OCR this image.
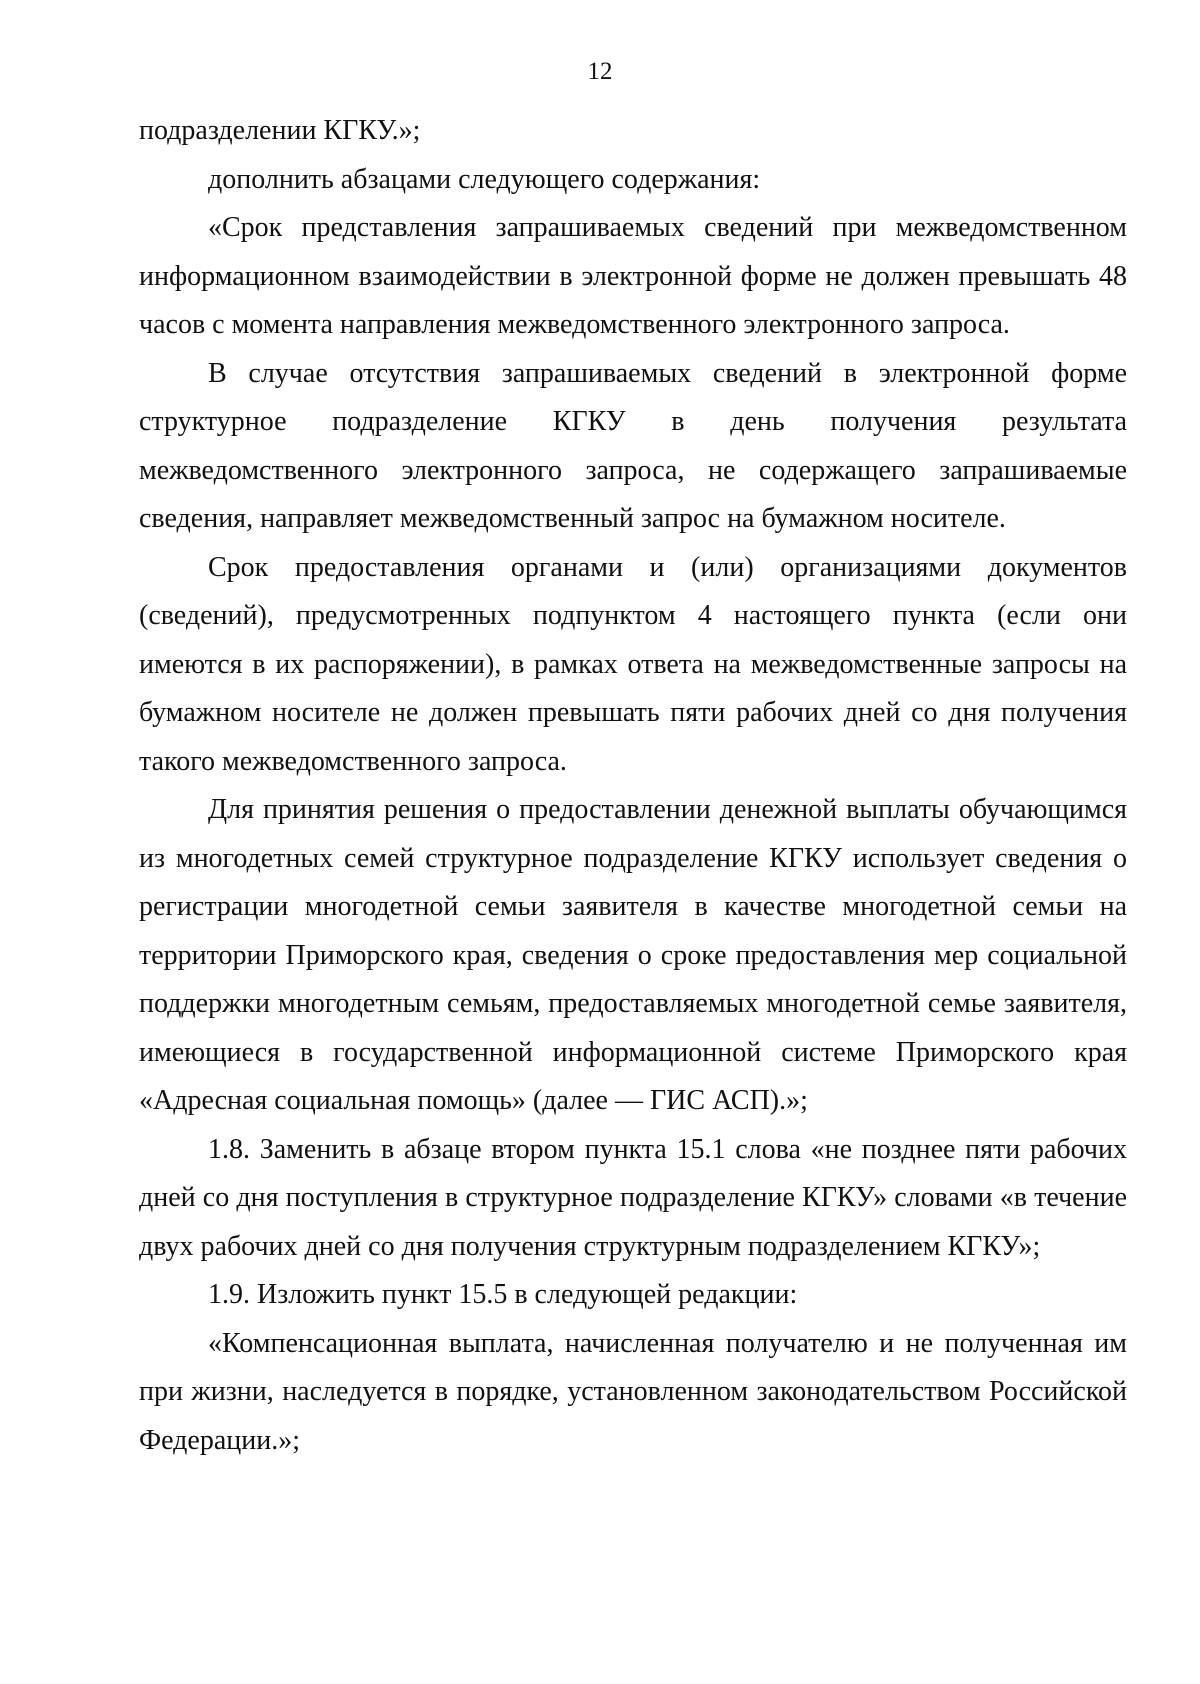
12

подразделении КГКУ.»;

дополнить абзацами следующего содержания:

«Срок представления запрашиваемых сведений при межведомственном информационном взаимодействии в электронной форме не должен превышать 48 часов с момента направления межведомственного электронного запроса.

В случае отсутствия запрашиваемых сведений в электронной форме структурное подразделение КГКУ в день получения результата межведомственного электронного запроса, не содержащего запрашиваемые сведения, направляет межведомственный запрос на бумажном носителе.

Срок предоставления органами и (или) организациями документов (сведений), предусмотренных подпунктом 4 настоящего пункта (если они имеются в их распоряжении), в рамках ответа на межведомственные запросы на бумажном носителе не должен превышать пяти рабочих дней со дня получения такого межведомственного запроса.

Для принятия решения о предоставлении денежной выплаты обучающимся из многодетных семей структурное подразделение КГКУ использует сведения о регистрации многодетной семьи заявителя в качестве многодетной семьи на территории Приморского края, сведения о сроке предоставления мер социальной поддержки многодетным семьям, предоставляемых многодетной семье заявителя, имеющиеся в государственной информационной системе Приморского края «Адресная социальная помощь» (далее — ГИС АСП).»;

1.8. Заменить в абзаце втором пункта 15.1 слова «не позднее пяти рабочих дней со дня поступления в структурное подразделение КГКУ» словами «в течение двух рабочих дней со дня получения структурным подразделением КГКУ»;

1.9. Изложить пункт 15.5 в следующей редакции:

«Компенсационная выплата, начисленная получателю и не полученная им при жизни, наследуется в порядке, установленном законодательством Российской Федерации.»;
